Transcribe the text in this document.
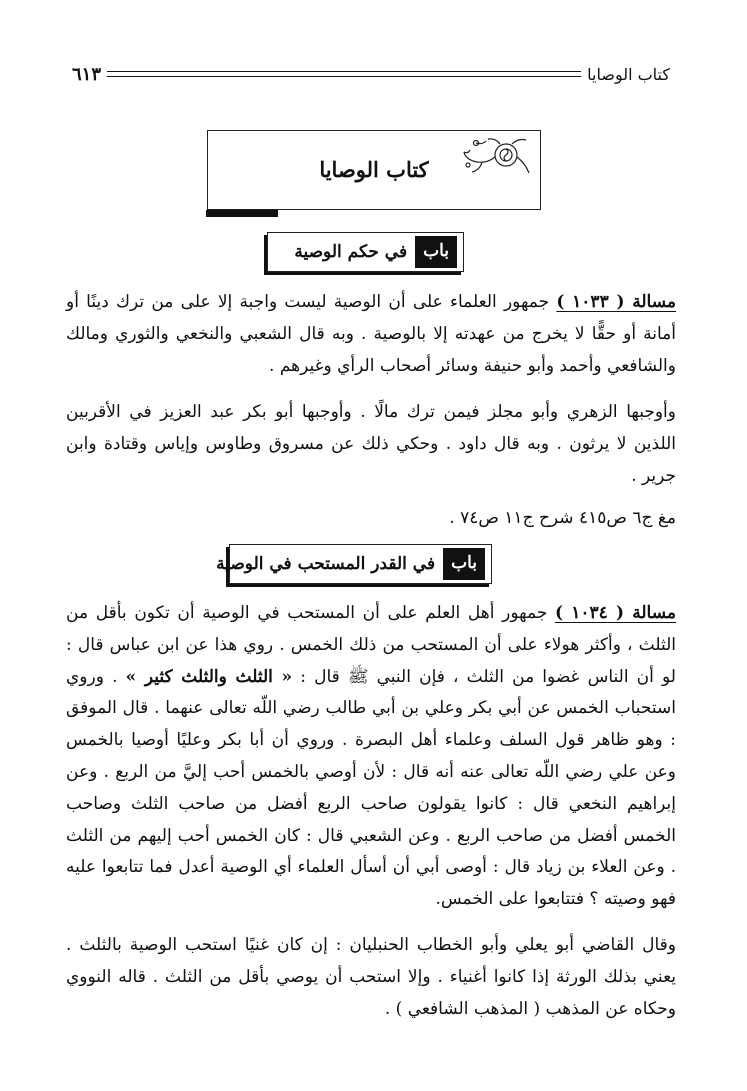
كتاب الوصايا
٦١٣
كتاب الوصايا
باب
في حكم الوصية
مسالة ( ١٠٣٣ ) جمهور العلماء على أن الوصية ليست واجبة إلا على من ترك دينًا أو أمانة أو حقًّا لا يخرج من عهدته إلا بالوصية . وبه قال الشعبي والنخعي والثوري ومالك والشافعي وأحمد وأبو حنيفة وسائر أصحاب الرأي وغيرهم .
وأوجبها الزهري وأبو مجلز فيمن ترك مالًا . وأوجبها أبو بكر عبد العزيز في الأقربين اللذين لا يرثون . وبه قال داود . وحكي ذلك عن مسروق وطاوس وإياس وقتادة وابن جرير .
مغ ج٦ ص٤١٥ شرح ج١١ ص٧٤ .
باب
في القدر المستحب في الوصية
مسالة ( ١٠٣٤ ) جمهور أهل العلم على أن المستحب في الوصية أن تكون بأقل من الثلث ، وأكثر هولاء على أن المستحب من ذلك الخمس . روي هذا عن ابن عباس قال : لو أن الناس غضوا من الثلث ، فإن النبي ﷺ قال : « الثلث والثلث كثير » . وروي استحباب الخمس عن أبي بكر وعلي بن أبي طالب رضي اللّه تعالى عنهما . قال الموفق : وهو ظاهر قول السلف وعلماء أهل البصرة . وروي أن أبا بكر وعليًا أوصيا بالخمس وعن علي رضي اللّه تعالى عنه أنه قال : لأن أوصي بالخمس أحب إليَّ من الربع . وعن إبراهيم النخعي قال : كانوا يقولون صاحب الربع أفضل من صاحب الثلث وصاحب الخمس أفضل من صاحب الربع . وعن الشعبي قال : كان الخمس أحب إليهم من الثلث . وعن العلاء بن زياد قال : أوصى أبي أن أسأل العلماء أي الوصية أعدل فما تتابعوا عليه فهو وصيته ؟ فتتابعوا على الخمس.
وقال القاضي أبو يعلي وأبو الخطاب الحنبليان : إن كان غنيًا استحب الوصية بالثلث . يعني بذلك الورثة إذا كانوا أغنياء . وإلا استحب أن يوصي بأقل من الثلث . قاله النووي وحكاه عن المذهب ( المذهب الشافعي ) .
